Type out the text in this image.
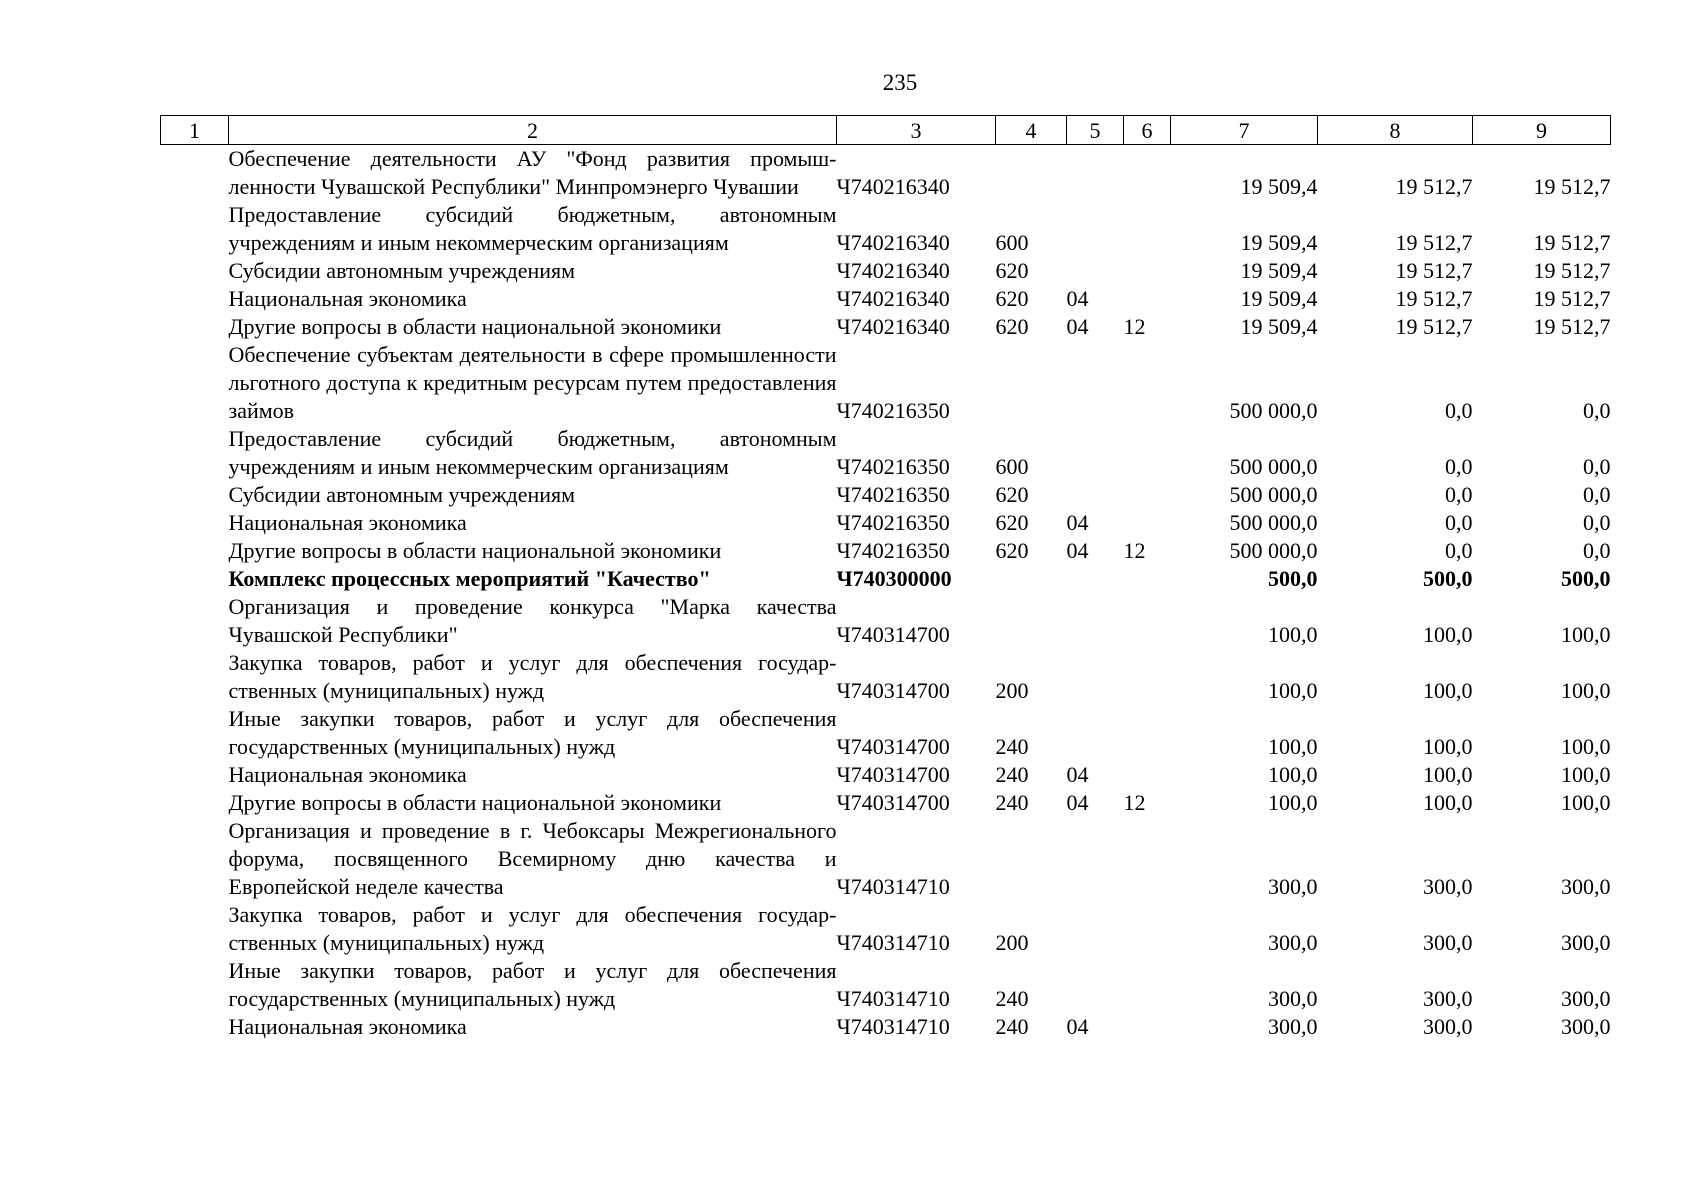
235
1	2	3	4	5	6	7	8	9
	Обеспечение деятельности АУ "Фонд развития промышленности Чувашской Республики" Минпромэнерго Чувашии	Ч740216340				19 509,4	19 512,7	19 512,7
	Предоставление субсидий бюджетным, автономным учреждениям и иным некоммерческим организациям	Ч740216340	600			19 509,4	19 512,7	19 512,7
	Субсидии автономным учреждениям	Ч740216340	620			19 509,4	19 512,7	19 512,7
	Национальная экономика	Ч740216340	620	04		19 509,4	19 512,7	19 512,7
	Другие вопросы в области национальной экономики	Ч740216340	620	04	12	19 509,4	19 512,7	19 512,7
	Обеспечение субъектам деятельности в сфере промышленности льготного доступа к кредитным ресурсам путем предоставления займов	Ч740216350				500 000,0	0,0	0,0
	Предоставление субсидий бюджетным, автономным учреждениям и иным некоммерческим организациям	Ч740216350	600			500 000,0	0,0	0,0
	Субсидии автономным учреждениям	Ч740216350	620			500 000,0	0,0	0,0
	Национальная экономика	Ч740216350	620	04		500 000,0	0,0	0,0
	Другие вопросы в области национальной экономики	Ч740216350	620	04	12	500 000,0	0,0	0,0
	Комплекс процессных мероприятий "Качество"	Ч740300000				500,0	500,0	500,0
	Организация и проведение конкурса "Марка качества Чувашской Республики"	Ч740314700				100,0	100,0	100,0
	Закупка товаров, работ и услуг для обеспечения государственных (муниципальных) нужд	Ч740314700	200			100,0	100,0	100,0
	Иные закупки товаров, работ и услуг для обеспечения государственных (муниципальных) нужд	Ч740314700	240			100,0	100,0	100,0
	Национальная экономика	Ч740314700	240	04		100,0	100,0	100,0
	Другие вопросы в области национальной экономики	Ч740314700	240	04	12	100,0	100,0	100,0
	Организация и проведение в г. Чебоксары Межрегионального форума, посвященного Всемирному дню качества и Европейской неделе качества	Ч740314710				300,0	300,0	300,0
	Закупка товаров, работ и услуг для обеспечения государственных (муниципальных) нужд	Ч740314710	200			300,0	300,0	300,0
	Иные закупки товаров, работ и услуг для обеспечения государственных (муниципальных) нужд	Ч740314710	240			300,0	300,0	300,0
	Национальная экономика	Ч740314710	240	04		300,0	300,0	300,0
